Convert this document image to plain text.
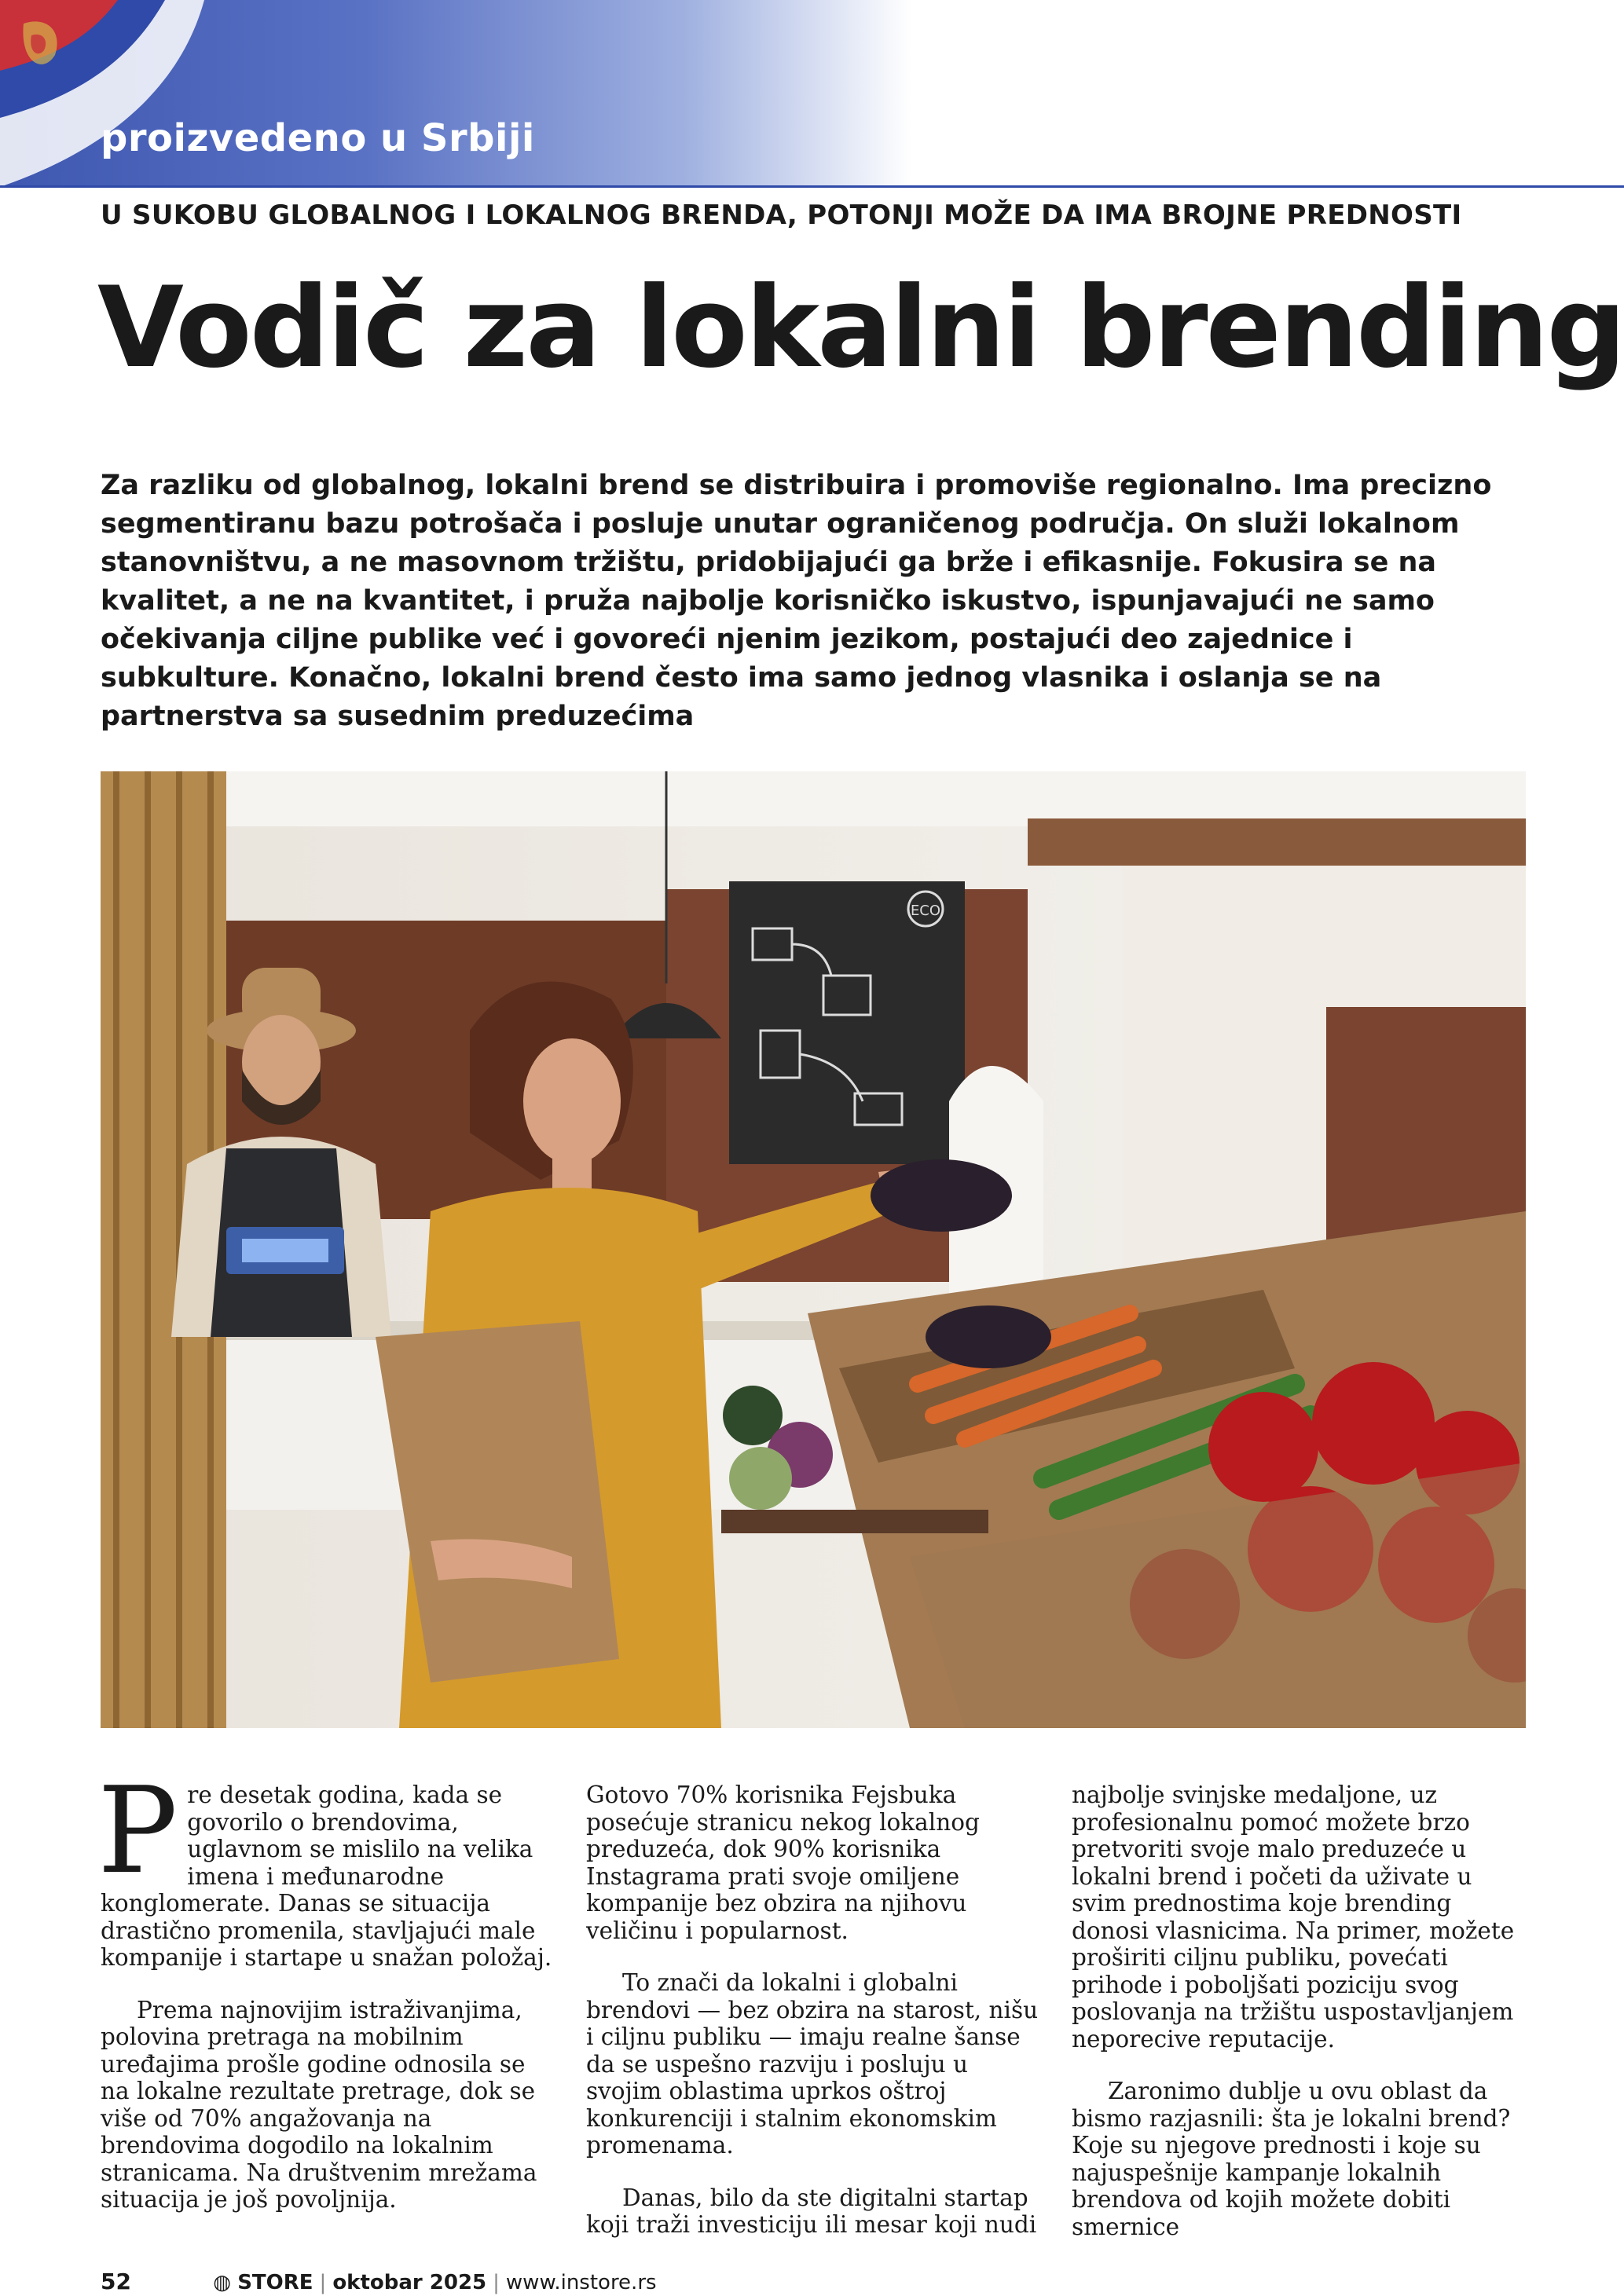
proizvedeno u Srbiji
U SUKOBU GLOBALNOG I LOKALNOG BRENDA, POTONJI MOŽE DA IMA BROJNE PREDNOSTI
Vodič za lokalni brending
Za razliku od globalnog, lokalni brend se distribuira i promoviše regionalno. Ima precizno segmentiranu bazu potrošača i posluje unutar ograničenog područja. On služi lokalnom stanovništvu, a ne masovnom tržištu, pridobijajući ga brže i efikasnije. Fokusira se na kvalitet, a ne na kvantitet, i pruža najbolje korisničko iskustvo, ispunjavajući ne samo očekivanja ciljne publike već i govoreći njenim jezikom, postajući deo zajednice i subkulture. Konačno, lokalni brend često ima samo jednog vlasnika i oslanja se na partnerstva sa susednim preduzećima
ECO

Pre desetak godina, kada se govorilo o brendovima, uglavnom se mislilo na velika imena i međunarodne konglomerate. Danas se situacija drastično promenila, stavljajući male kompanije i startape u snažan položaj.

Prema najnovijim istraživanjima, polovina pretraga na mobilnim uređajima prošle godine odnosila se na lokalne rezultate pretrage, dok se više od 70% angažovanja na brendovima dogodilo na lokalnim stranicama. Na društvenim mrežama situacija je još povoljnija.

Gotovo 70% korisnika Fejsbuka posećuje stranicu nekog lokalnog preduzeća, dok 90% korisnika Instagrama prati svoje omiljene kompanije bez obzira na njihovu veličinu i popularnost.

To znači da lokalni i globalni brendovi — bez obzira na starost, nišu i ciljnu publiku — imaju realne šanse da se uspešno razviju i posluju u svojim oblastima uprkos oštroj konkurenciji i stalnim ekonomskim promenama.

Danas, bilo da ste digitalni startap koji traži investiciju ili mesar koji nudi

najbolje svinjske medaljone, uz profesionalnu pomoć možete brzo pretvoriti svoje malo preduzeće u lokalni brend i početi da uživate u svim prednostima koje brending donosi vlasnicima. Na primer, možete proširiti ciljnu publiku, povećati prihode i poboljšati poziciju svog poslovanja na tržištu uspostavljanjem neporecive reputacije.

Zaronimo dublje u ovu oblast da bismo razjasnili: šta je lokalni brend? Koje su njegove prednosti i koje su najuspešnije kampanje lokalnih brendova od kojih možete dobiti smernice

52	◍ STORE | oktobar 2025 | www.instore.rs
